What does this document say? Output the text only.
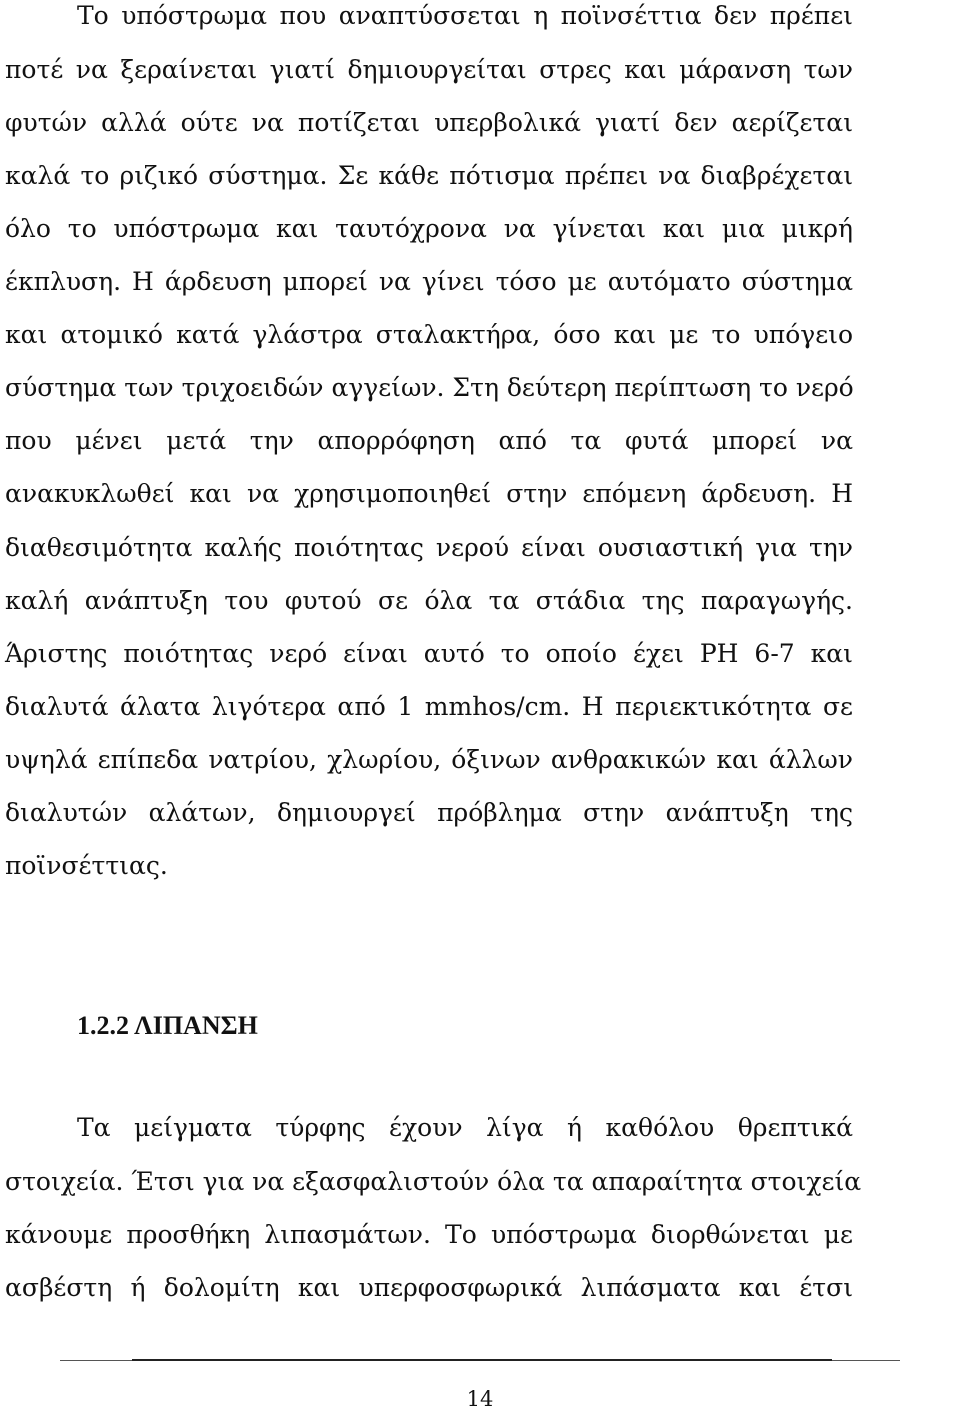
Το υπόστρωμα που αναπτύσσεται η ποϊνσέττια δεν πρέπει
ποτέ να ξεραίνεται γιατί δημιουργείται στρες και μάρανση των
φυτών αλλά ούτε να ποτίζεται υπερβολικά γιατί δεν αερίζεται
καλά το ριζικό σύστημα. Σε κάθε πότισμα πρέπει να διαβρέχεται
όλο το υπόστρωμα και ταυτόχρονα να γίνεται και μια μικρή
έκπλυση. Η άρδευση μπορεί να γίνει τόσο με αυτόματο σύστημα
και ατομικό κατά γλάστρα σταλακτήρα, όσο και με το υπόγειο
σύστημα των τριχοειδών αγγείων. Στη δεύτερη περίπτωση το νερό
που μένει μετά την απορρόφηση από τα φυτά μπορεί να
ανακυκλωθεί και να χρησιμοποιηθεί στην επόμενη άρδευση. Η
διαθεσιμότητα καλής ποιότητας νερού είναι ουσιαστική για την
καλή ανάπτυξη του φυτού σε όλα τα στάδια της παραγωγής.
Άριστης ποιότητας νερό είναι αυτό το οποίο έχει PH 6-7 και
διαλυτά άλατα λιγότερα από 1 mmhos/cm. Η περιεκτικότητα σε
υψηλά επίπεδα νατρίου, χλωρίου, όξινων ανθρακικών και άλλων
διαλυτών αλάτων, δημιουργεί πρόβλημα στην ανάπτυξη της
ποϊνσέττιας.
1.2.2 ΛΙΠΑΝΣΗ
Τα μείγματα τύρφης έχουν λίγα ή καθόλου θρεπτικά
στοιχεία. Έτσι για να εξασφαλιστούν όλα τα απαραίτητα στοιχεία
κάνουμε προσθήκη λιπασμάτων. Το υπόστρωμα διορθώνεται με
ασβέστη ή δολομίτη και υπερφοσφωρικά λιπάσματα και έτσι
14
